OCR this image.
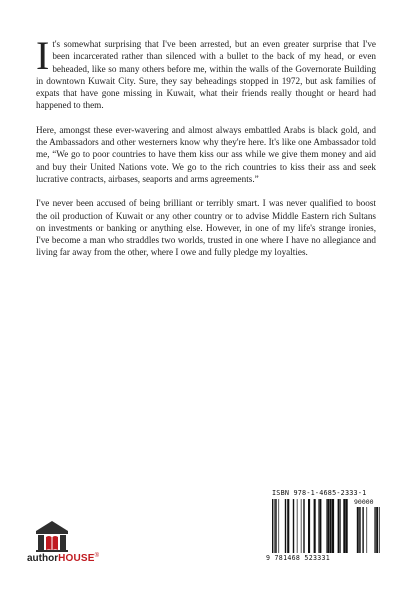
I t's somewhat surprising that I've been arrested, but an even greater surprise that I've been incarcerated rather than silenced with a bullet to the back of my head, or even beheaded, like so many others before me, within the walls of the Governorate Building in downtown Kuwait City. Sure, they say beheadings stopped in 1972, but ask families of expats that have gone missing in Kuwait, what their friends really thought or heard had happened to them.

Here, amongst these ever-wavering and almost always embattled Arabs is black gold, and the Ambassadors and other westerners know why they're here. It's like one Ambassador told me, “We go to poor countries to have them kiss our ass while we give them money and aid and buy their United Nations vote. We go to the rich countries to kiss their ass and seek lucrative contracts, airbases, seaports and arms agreements.”

I've never been accused of being brilliant or terribly smart. I was never qualified to boost the oil production of Kuwait or any other country or to advise Middle Eastern rich Sultans on investments or banking or anything else. However, in one of my life's strange ironies, I've become a man who straddles two worlds, trusted in one where I have no allegiance and living far away from the other, where I owe and fully pledge my loyalties.

ISBN 978-1-4685-2333-1
90000
9 781468 523331
authorHOUSE®
